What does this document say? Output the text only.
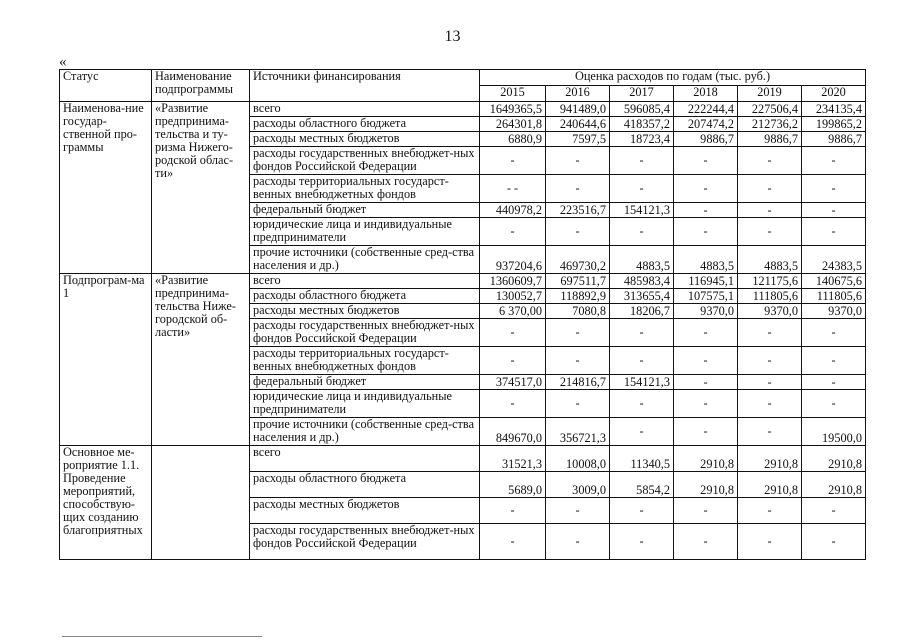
13
«
Статус	Наименование подпрограммы	Источники финансирования	Оценка расходов по годам (тыс. руб.)					
			2015	2016	2017	2018	2019	2020
Наименова-ние государ-ственной про-граммы	«Развитие предпринима-тельства и ту-ризма Нижего-родской облас-ти»	всего	1649365,5	941489,0	596085,4	222244,4	227506,4	234135,4
		расходы областного бюджета	264301,8	240644,6	418357,2	207474,2	212736,2	199865,2
		расходы местных бюджетов	6880,9	7597,5	18723,4	9886,7	9886,7	9886,7
		расходы государственных внебюджет-ных фондов Российской Федерации	-	-	-	-	-	-
		расходы территориальных государст-венных внебюджетных фондов	- -	-	-	-	-	-
		федеральный бюджет	440978,2	223516,7	154121,3	-	-	-
		юридические лица и индивидуальные предприниматели	-	-	-	-	-	-
		прочие источники (собственные сред-ства населения и др.)	937204,6	469730,2	4883,5	4883,5	4883,5	24383,5
Подпрограм-ма 1	«Развитие предпринима-тельства Ниже-городской об-ласти»	всего	1360609,7	697511,7	485983,4	116945,1	121175,6	140675,6
		расходы областного бюджета	130052,7	118892,9	313655,4	107575,1	111805,6	111805,6
		расходы местных бюджетов	6 370,00	7080,8	18206,7	9370,0	9370,0	9370,0
		расходы государственных внебюджет-ных фондов Российской Федерации	-	-	-	-	-	-
		расходы территориальных государст-венных внебюджетных фондов	-	-	-	-	-	-
		федеральный бюджет	374517,0	214816,7	154121,3	-	-	-
		юридические лица и индивидуальные предприниматели	-	-	-	-	-	-
		прочие источники (собственные сред-ства населения и др.)	849670,0	356721,3	-	-	-	19500,0
Основное ме-роприятие 1.1. Проведение мероприятий, способствую-щих созданию благоприятных		всего	31521,3	10008,0	11340,5	2910,8	2910,8	2910,8
		расходы областного бюджета	5689,0	3009,0	5854,2	2910,8	2910,8	2910,8
		расходы местных бюджетов	-	-	-	-	-	-
		расходы государственных внебюджет-ных фондов Российской Федерации	-	-	-	-	-	-
